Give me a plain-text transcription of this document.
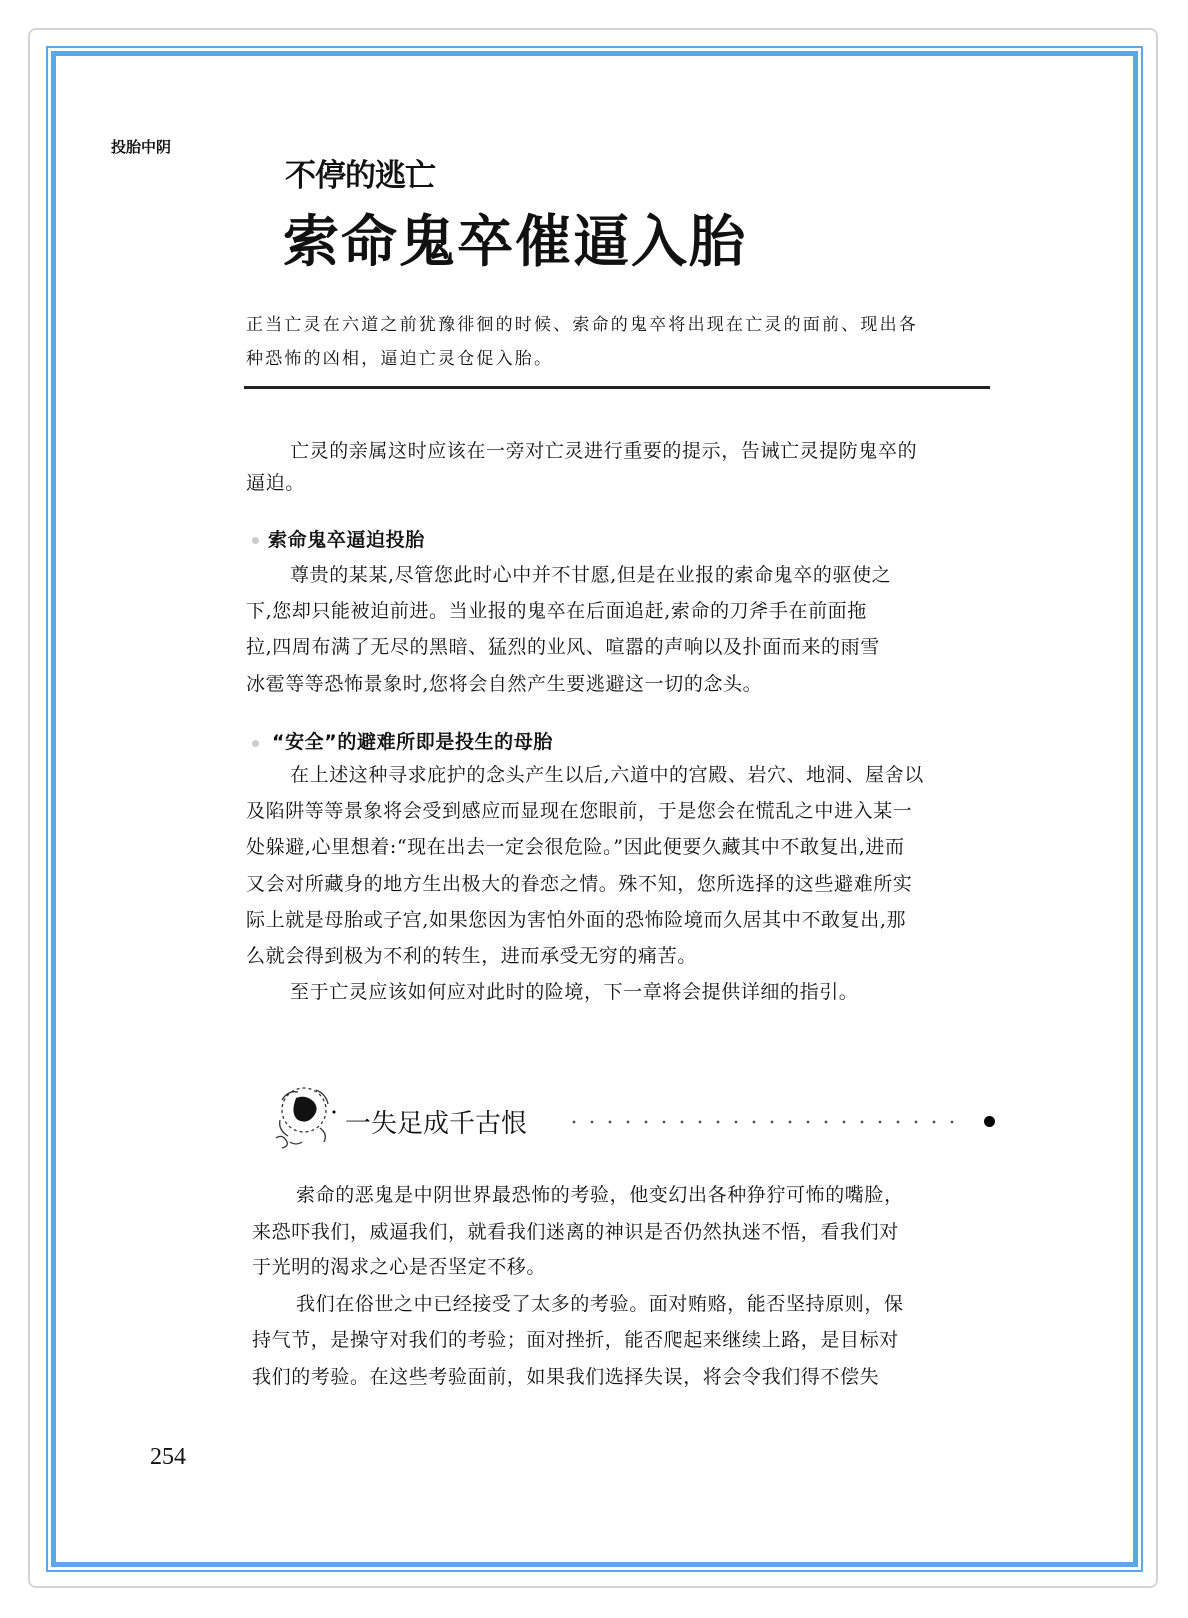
投胎中阴
不停的逃亡
索命鬼卒催逼入胎
正当亡灵在六道之前犹豫徘徊的时候、索命的鬼卒将出现在亡灵的面前、现出各
种恐怖的凶相，逼迫亡灵仓促入胎。
亡灵的亲属这时应该在一旁对亡灵进行重要的提示，告诫亡灵提防鬼卒的
逼迫。
索命鬼卒逼迫投胎
尊贵的某某,尽管您此时心中并不甘愿,但是在业报的索命鬼卒的驱使之
下,您却只能被迫前进。当业报的鬼卒在后面追赶,索命的刀斧手在前面拖
拉,四周布满了无尽的黑暗、猛烈的业风、喧嚣的声响以及扑面而来的雨雪
冰雹等等恐怖景象时,您将会自然产生要逃避这一切的念头。
“安全”的避难所即是投生的母胎
在上述这种寻求庇护的念头产生以后,六道中的宫殿、岩穴、地洞、屋舍以
及陷阱等等景象将会受到感应而显现在您眼前，于是您会在慌乱之中进入某一
处躲避,心里想着:“现在出去一定会很危险。”因此便要久藏其中不敢复出,进而
又会对所藏身的地方生出极大的眷恋之情。殊不知，您所选择的这些避难所实
际上就是母胎或子宫,如果您因为害怕外面的恐怖险境而久居其中不敢复出,那
么就会得到极为不利的转生，进而承受无穷的痛苦。
至于亡灵应该如何应对此时的险境，下一章将会提供详细的指引。
一失足成千古恨
索命的恶鬼是中阴世界最恐怖的考验，他变幻出各种狰狞可怖的嘴脸，
来恐吓我们，威逼我们，就看我们迷离的神识是否仍然执迷不悟，看我们对
于光明的渴求之心是否坚定不移。
我们在俗世之中已经接受了太多的考验。面对贿赂，能否坚持原则，保
持气节，是操守对我们的考验；面对挫折，能否爬起来继续上路，是目标对
我们的考验。在这些考验面前，如果我们选择失误，将会令我们得不偿失
254
